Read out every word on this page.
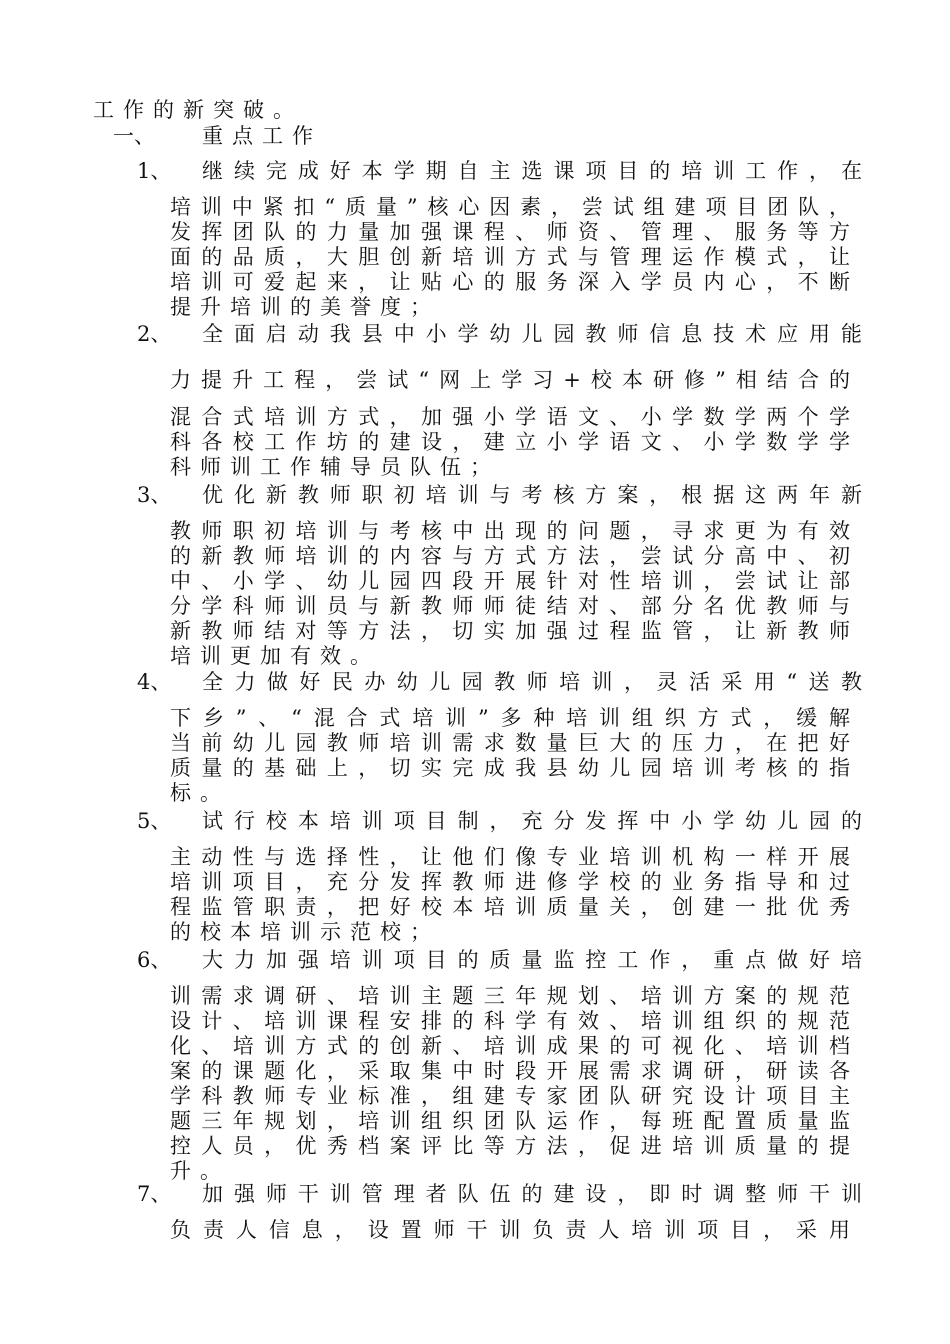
工作的新突破。
一、 重点工作
1、 继续完成好本学期自主选课项目的培训工作，在
培训中紧扣“质量”核心因素，尝试组建项目团队，
发挥团队的力量加强课程、师资、管理、服务等方
面的品质，大胆创新培训方式与管理运作模式，让
培训可爱起来，让贴心的服务深入学员内心，不断
提升培训的美誉度；
2、 全面启动我县中小学幼儿园教师信息技术应用能
力提升工程，尝试“网上学习+校本研修”相结合的
混合式培训方式，加强小学语文、小学数学两个学
科各校工作坊的建设，建立小学语文、小学数学学
科师训工作辅导员队伍；
3、 优化新教师职初培训与考核方案，根据这两年新
教师职初培训与考核中出现的问题，寻求更为有效
的新教师培训的内容与方式方法，尝试分高中、初
中、小学、幼儿园四段开展针对性培训，尝试让部
分学科师训员与新教师师徒结对、部分名优教师与
新教师结对等方法，切实加强过程监管，让新教师
培训更加有效。
4、 全力做好民办幼儿园教师培训，灵活采用“送教
下乡”、“混合式培训”多种培训组织方式，缓解
当前幼儿园教师培训需求数量巨大的压力，在把好
质量的基础上，切实完成我县幼儿园培训考核的指
标。
5、 试行校本培训项目制，充分发挥中小学幼儿园的
主动性与选择性，让他们像专业培训机构一样开展
培训项目，充分发挥教师进修学校的业务指导和过
程监管职责，把好校本培训质量关，创建一批优秀
的校本培训示范校；
6、 大力加强培训项目的质量监控工作，重点做好培
训需求调研、培训主题三年规划、培训方案的规范
设计、培训课程安排的科学有效、培训组织的规范
化、培训方式的创新、培训成果的可视化、培训档
案的课题化，采取集中时段开展需求调研，研读各
学科教师专业标准，组建专家团队研究设计项目主
题三年规划，培训组织团队运作，每班配置质量监
控人员，优秀档案评比等方法，促进培训质量的提
升。
7、 加强师干训管理者队伍的建设，即时调整师干训
负责人信息，设置师干训负责人培训项目，采用
